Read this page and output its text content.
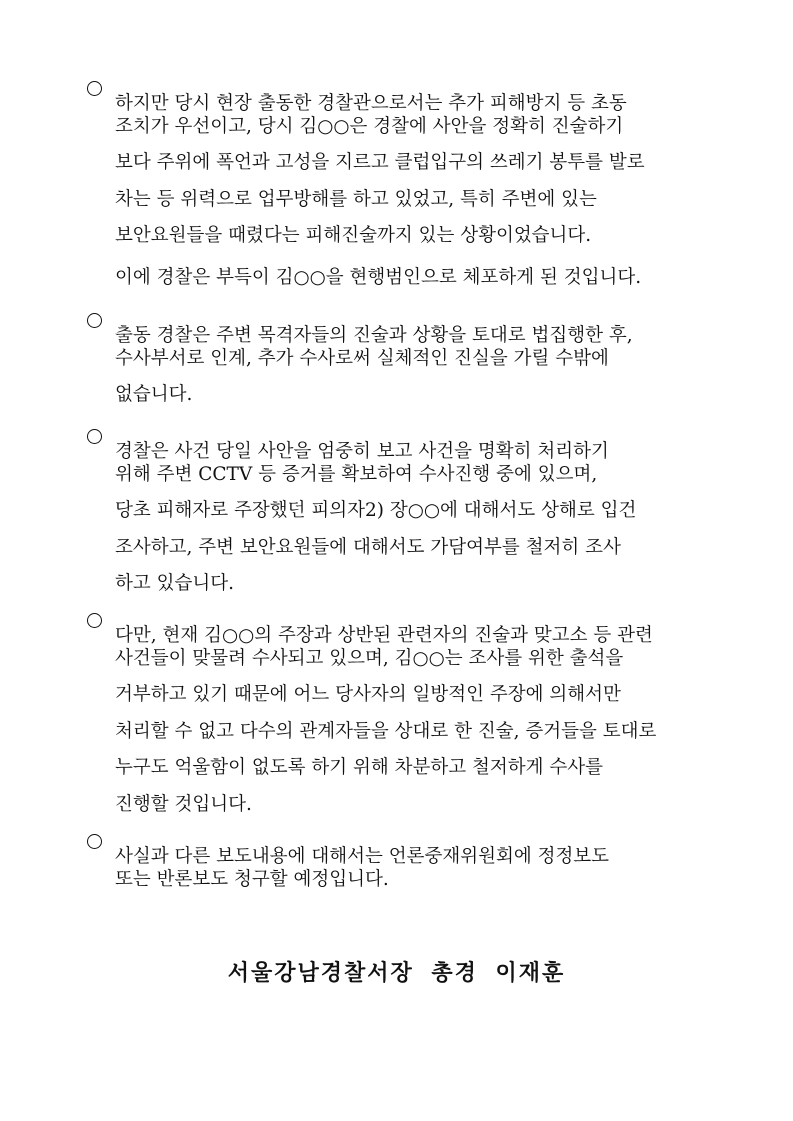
하지만 당시 현장 출동한 경찰관으로서는 추가 피해방지 등 초동
조치가 우선이고, 당시 김○○은 경찰에 사안을 정확히 진술하기
보다 주위에 폭언과 고성을 지르고 클럽입구의 쓰레기 봉투를 발로
차는 등 위력으로 업무방해를 하고 있었고, 특히 주변에 있는
보안요원들을 때렸다는 피해진술까지 있는 상황이었습니다.
이에 경찰은 부득이 김○○을 현행범인으로 체포하게 된 것입니다.
출동 경찰은 주변 목격자들의 진술과 상황을 토대로 법집행한 후,
수사부서로 인계, 추가 수사로써 실체적인 진실을 가릴 수밖에
없습니다.
경찰은 사건 당일 사안을 엄중히 보고 사건을 명확히 처리하기
위해 주변 CCTV 등 증거를 확보하여 수사진행 중에 있으며,
당초 피해자로 주장했던 피의자2) 장○○에 대해서도 상해로 입건
조사하고, 주변 보안요원들에 대해서도 가담여부를 철저히 조사
하고 있습니다.
다만, 현재 김○○의 주장과 상반된 관련자의 진술과 맞고소 등 관련
사건들이 맞물려 수사되고 있으며, 김○○는 조사를 위한 출석을
거부하고 있기 때문에 어느 당사자의 일방적인 주장에 의해서만
처리할 수 없고 다수의 관계자들을 상대로 한 진술, 증거들을 토대로
누구도 억울함이 없도록 하기 위해 차분하고 철저하게 수사를
진행할 것입니다.
사실과 다른 보도내용에 대해서는 언론중재위원회에 정정보도
또는 반론보도 청구할 예정입니다.
서울강남경찰서장 총경 이재훈
